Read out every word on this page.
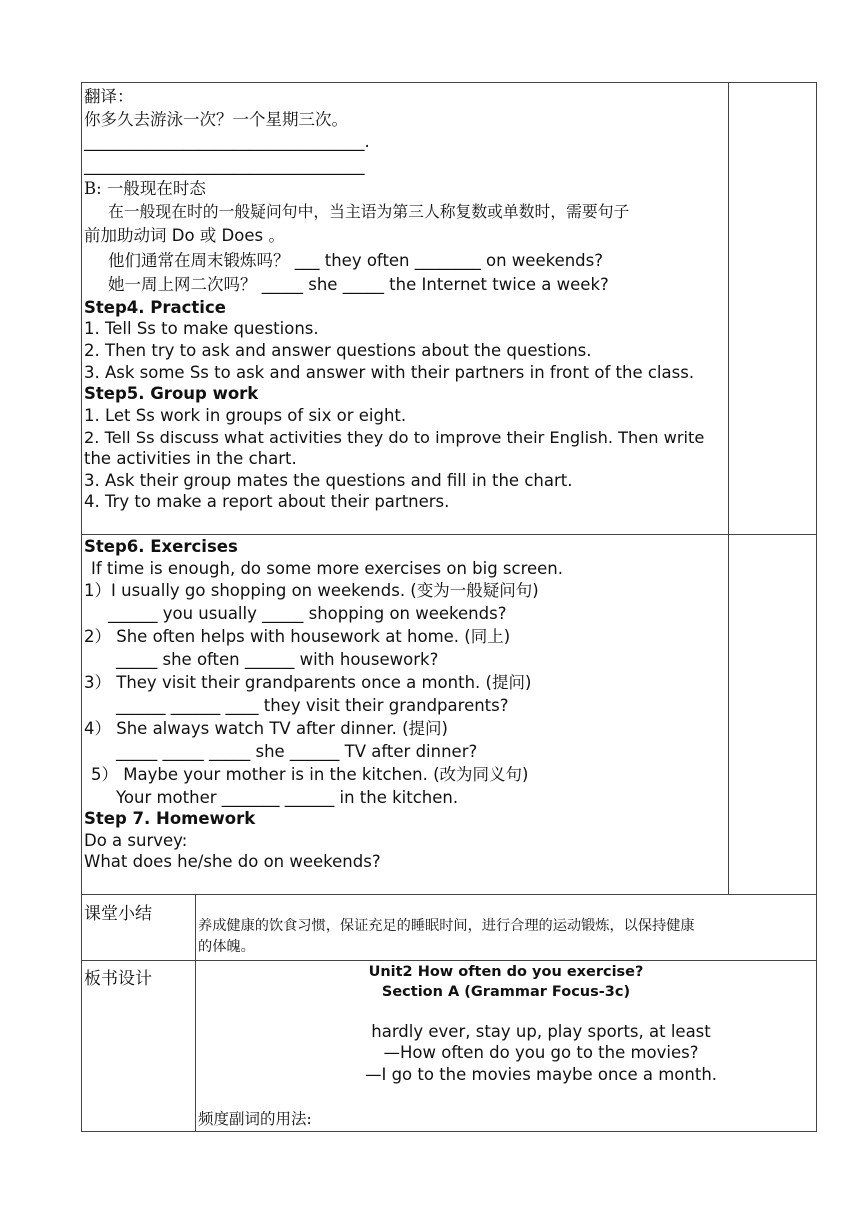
翻译：
你多久去游泳一次？一个星期三次。
__________________________________.
__________________________________
B: 一般现在时态
在一般现在时的一般疑问句中，当主语为第三人称复数或单数时，需要句子
前加助动词 Do 或 Does 。
他们通常在周末锻炼吗？ ___ they often ________ on weekends?
她一周上网二次吗？ _____ she _____ the Internet twice a week?
Step4. Practice
1. Tell Ss to make questions.
2. Then try to ask and answer questions about the questions.
3. Ask some Ss to ask and answer with their partners in front of the class.
Step5. Group work
1. Let Ss work in groups of six or eight.
2. Tell Ss discuss what activities they do to improve their English. Then write
the activities in the chart.
3. Ask their group mates the questions and fill in the chart.
4. Try to make a report about their partners.
Step6. Exercises
If time is enough, do some more exercises on big screen.
1）I usually go shopping on weekends. (变为一般疑问句)
______ you usually _____ shopping on weekends?
2） She often helps with housework at home. (同上)
_____ she often ______ with housework?
3） They visit their grandparents once a month. (提问)
______ ______ ____ they visit their grandparents?
4） She always watch TV after dinner. (提问)
_____ _____ _____ she ______ TV after dinner?
5） Maybe your mother is in the kitchen. (改为同义句)
Your mother _______ ______ in the kitchen.
Step 7. Homework
Do a survey:
What does he/she do on weekends?
课堂小结
养成健康的饮食习惯，保证充足的睡眠时间，进行合理的运动锻炼，以保持健康
的体魄。
板书设计	Unit2 How often do you exercise?
Section A (Grammar Focus-3c)
hardly ever, stay up, play sports, at least
—How often do you go to the movies?
—I go to the movies maybe once a month.
频度副词的用法:
